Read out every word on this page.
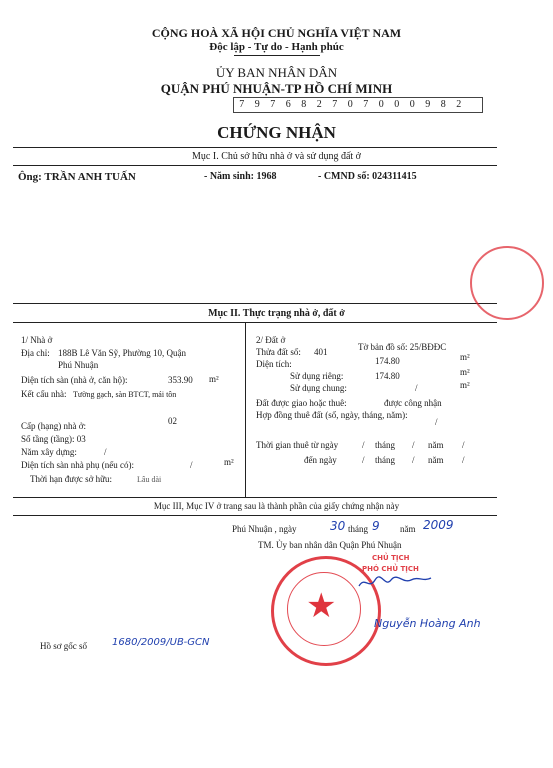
CỘNG HOÀ XÃ HỘI CHỦ NGHĨA VIỆT NAM
Độc lập - Tự do - Hạnh phúc
ỦY BAN NHÂN DÂN
QUẬN PHÚ NHUẬN-TP HỒ CHÍ MINH
7 9 7 6 8 2 7 0 7 0 0 0 9 8 2
CHỨNG NHẬN
Mục I. Chủ sở hữu nhà ở và sử dụng đất ở
Ông: TRẦN ANH TUẤN	- Năm sinh: 1968	- CMND số: 024311415
Mục II. Thực trạng nhà ở, đất ở
1/ Nhà ở
Địa chỉ: 188B Lê Văn Sỹ, Phường 10, Quận
Phú Nhuận
Diện tích sàn (nhà ở, căn hộ):	353.90 m²
Kết cấu nhà: Tường gạch, sàn BTCT, mái tôn
Cấp (hạng) nhà ở:	02
Số tầng (tầng): 03
Năm xây dựng:	/
Diện tích sàn nhà phụ (nếu có):	/	m²
Thời hạn được sở hữu:	Lâu dài
2/ Đất ở
Thửa đất số: 401	Tờ bản đồ số: 25/BĐĐC
Diện tích:	174.80	m²
Sử dụng riêng:	174.80	m²
Sử dụng chung:	/	m²
Đất được giao hoặc thuê:	được công nhận
Hợp đồng thuê đất (số, ngày, tháng, năm):
/
Thời gian thuê từ ngày	/ tháng / năm /
đến ngày	/ tháng / năm /
Mục III, Mục IV ở trang sau là thành phần của giấy chứng nhận này
Phú Nhuận , ngày	30 tháng 9 năm 2009
TM. Ủy ban nhân dân Quận Phú Nhuận
★
CHỦ TỊCH
PHÓ CHỦ TỊCH
Nguyễn Hoàng Anh
Hồ sơ gốc số 1680/2009/UB-GCN
